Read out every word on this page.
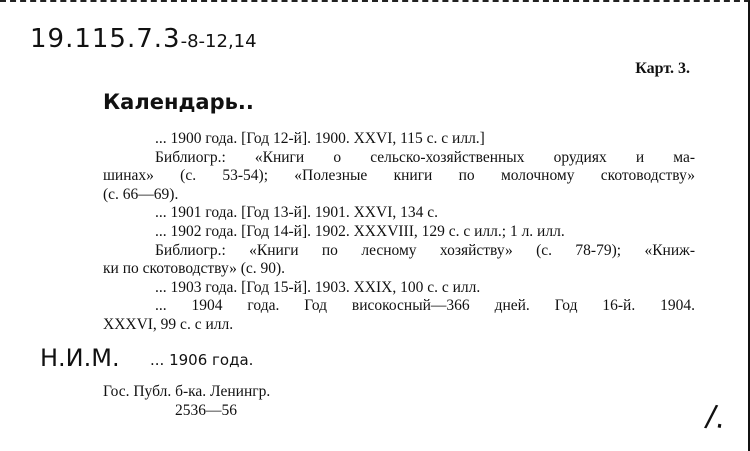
19.115.7.3-8-12,14
Карт. 3.
Календарь..
... 1900 года. [Год 12-й]. 1900. XXVI, 115 с. с илл.]
Библиогр.: «Книги о сельско-хозяйственных орудиях и ма-
шинах» (с. 53-54); «Полезные книги по молочному скотоводству»
(с. 66—69).
... 1901 года. [Год 13-й]. 1901. XXVI, 134 с.
... 1902 года. [Год 14-й]. 1902. XXXVIII, 129 с. с илл.; 1 л. илл.
Библиогр.: «Книги по лесному хозяйству» (с. 78-79); «Книж-
ки по скотоводству» (с. 90).
... 1903 года. [Год 15-й]. 1903. XXIX, 100 с. с илл.
... 1904 года. Год високосный—366 дней. Год 16-й. 1904.
XXXVI, 99 с. с илл.
Н.И.М. ... 1906 года.
Гос. Публ. б-ка. Ленингр.
2536—56	/.
